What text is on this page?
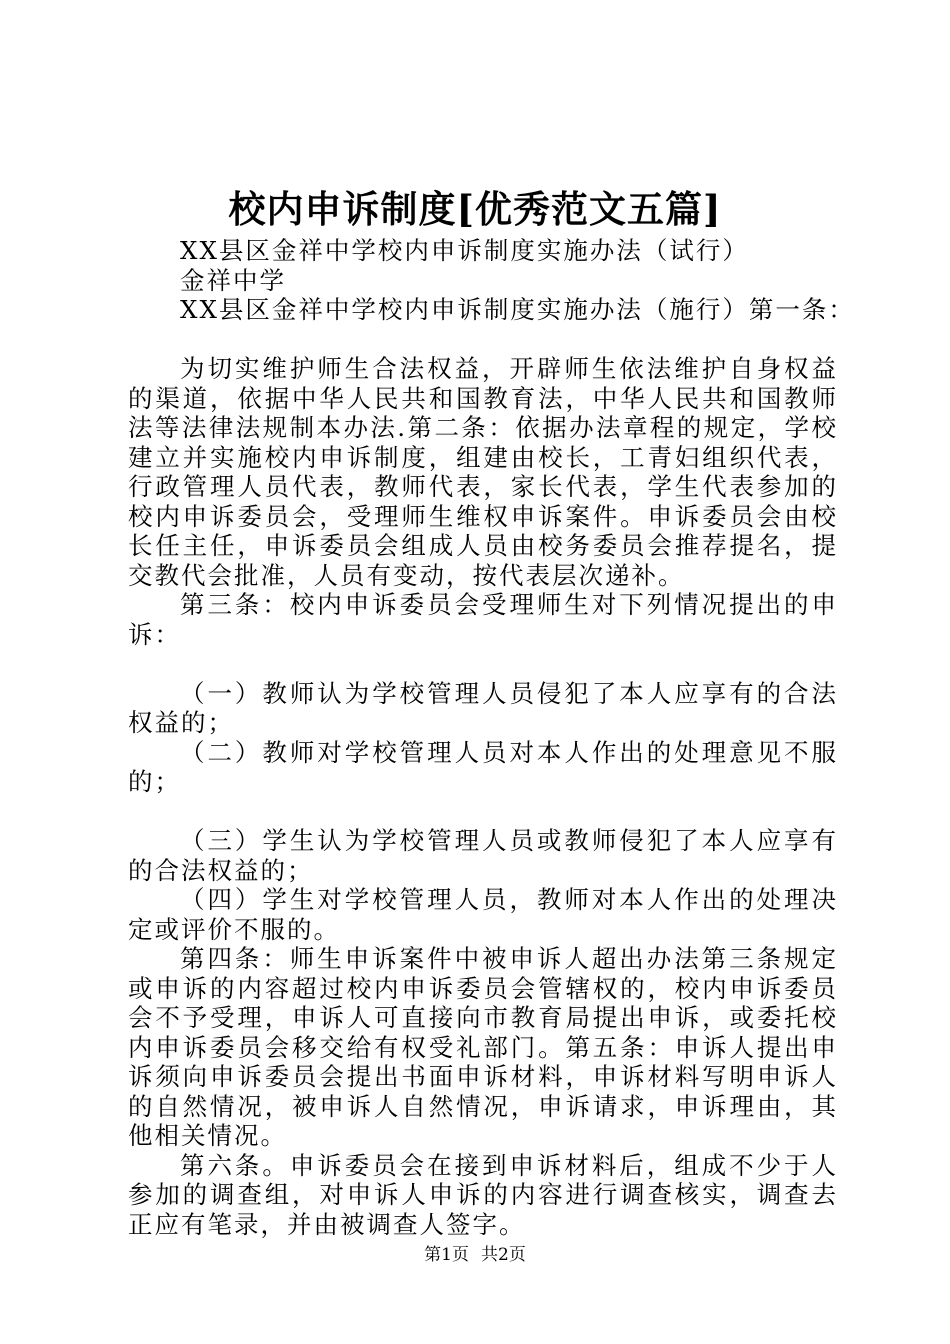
校内申诉制度[优秀范文五篇]

XX县区金祥中学校内申诉制度实施办法（试行）

金祥中学

XX县区金祥中学校内申诉制度实施办法（施行）第一条：

为切实维护师生合法权益，开辟师生依法维护自身权益的渠道，依据中华人民共和国教育法，中华人民共和国教师法等法律法规制本办法.第二条：依据办法章程的规定，学校建立并实施校内申诉制度，组建由校长，工青妇组织代表，行政管理人员代表，教师代表，家长代表，学生代表参加的校内申诉委员会，受理师生维权申诉案件。申诉委员会由校长任主任，申诉委员会组成人员由校务委员会推荐提名，提交教代会批准，人员有变动，按代表层次递补。

第三条：校内申诉委员会受理师生对下列情况提出的申诉：

（一）教师认为学校管理人员侵犯了本人应享有的合法权益的；

（二）教师对学校管理人员对本人作出的处理意见不服的；

（三）学生认为学校管理人员或教师侵犯了本人应享有的合法权益的；

（四）学生对学校管理人员，教师对本人作出的处理决定或评价不服的。

第四条：师生申诉案件中被申诉人超出办法第三条规定或申诉的内容超过校内申诉委员会管辖权的，校内申诉委员会不予受理，申诉人可直接向市教育局提出申诉，或委托校内申诉委员会移交给有权受礼部门。第五条：申诉人提出申诉须向申诉委员会提出书面申诉材料，申诉材料写明申诉人的自然情况，被申诉人自然情况，申诉请求，申诉理由，其他相关情况。

第六条。申诉委员会在接到申诉材料后，组成不少于人参加的调查组，对申诉人申诉的内容进行调查核实，调查去正应有笔录，并由被调查人签字。

第1页 共2页
